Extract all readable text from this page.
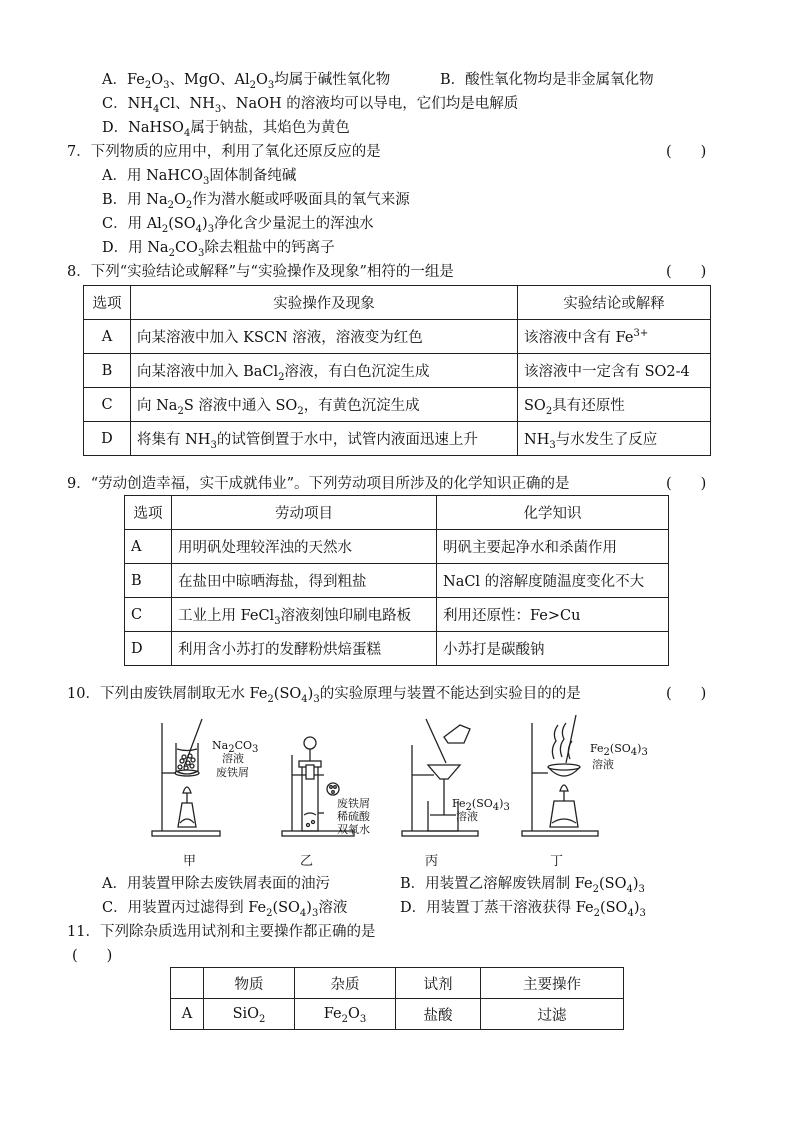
A．$Fe_2O_3$、MgO、$Al_2O_3$均属于碱性氧化物	B．酸性氧化物均是非金属氧化物
C．$NH_4Cl$、$NH_3$、NaOH 的溶液均可以导电，它们均是电解质
D．NaHSO$_4$属于钠盐，其焰色为黄色
7．下列物质的应用中，利用了氧化还原反应的是	(　　)
A．用 NaHCO$_3$固体制备纯碱
B．用 $Na_2O_2$作为潜水艇或呼吸面具的氧气来源
C．用 $Al_2(SO_4)_3$净化含少量泥土的浑浊水
D．用 $Na_2CO_3$除去粗盐中的钙离子
8．下列“实验结论或解释”与“实验操作及现象”相符的一组是	(　　)
选项	实验操作及现象	实验结论或解释
A	向某溶液中加入 KSCN 溶液，溶液变为红色	该溶液中含有 $Fe^{3+}$
B	向某溶液中加入 BaCl$_2$溶液，有白色沉淀生成	该溶液中一定含有 SO2-4
C	向 $Na_2S$ 溶液中通入 $SO_2$，有黄色沉淀生成	$SO_2$具有还原性
D	将集有 $NH_3$的试管倒置于水中，试管内液面迅速上升	$NH_3$与水发生了反应
9．“劳动创造幸福，实干成就伟业”。下列劳动项目所涉及的化学知识正确的是	(　　)
选项	劳动项目	化学知识
A	用明矾处理较浑浊的天然水	明矾主要起净水和杀菌作用
B	在盐田中晾晒海盐，得到粗盐	NaCl 的溶解度随温度变化不大
C	工业上用 FeCl$_3$溶液刻蚀印刷电路板	利用还原性：Fe>Cu
D	利用含小苏打的发酵粉烘焙蛋糕	小苏打是碳酸钠
10．下列由废铁屑制取无水 $Fe_2(SO_4)_3$的实验原理与装置不能达到实验目的的是	(　　)
$Na_2CO_3$
溶液
废铁屑
废铁屑
稀硫酸
双氧水
$Fe_2(SO_4)_3$
溶液
$Fe_2(SO_4)_3$
溶液
甲	乙	丙	丁
A．用装置甲除去废铁屑表面的油污	B．用装置乙溶解废铁屑制 $Fe_2(SO_4)_3$
C．用装置丙过滤得到 $Fe_2(SO_4)_3$溶液	D．用装置丁蒸干溶液获得 $Fe_2(SO_4)_3$
11．下列除杂质选用试剂和主要操作都正确的是
(　　)
	物质	杂质	试剂	主要操作
A	SiO$_2$	$Fe_2O_3$	盐酸	过滤
